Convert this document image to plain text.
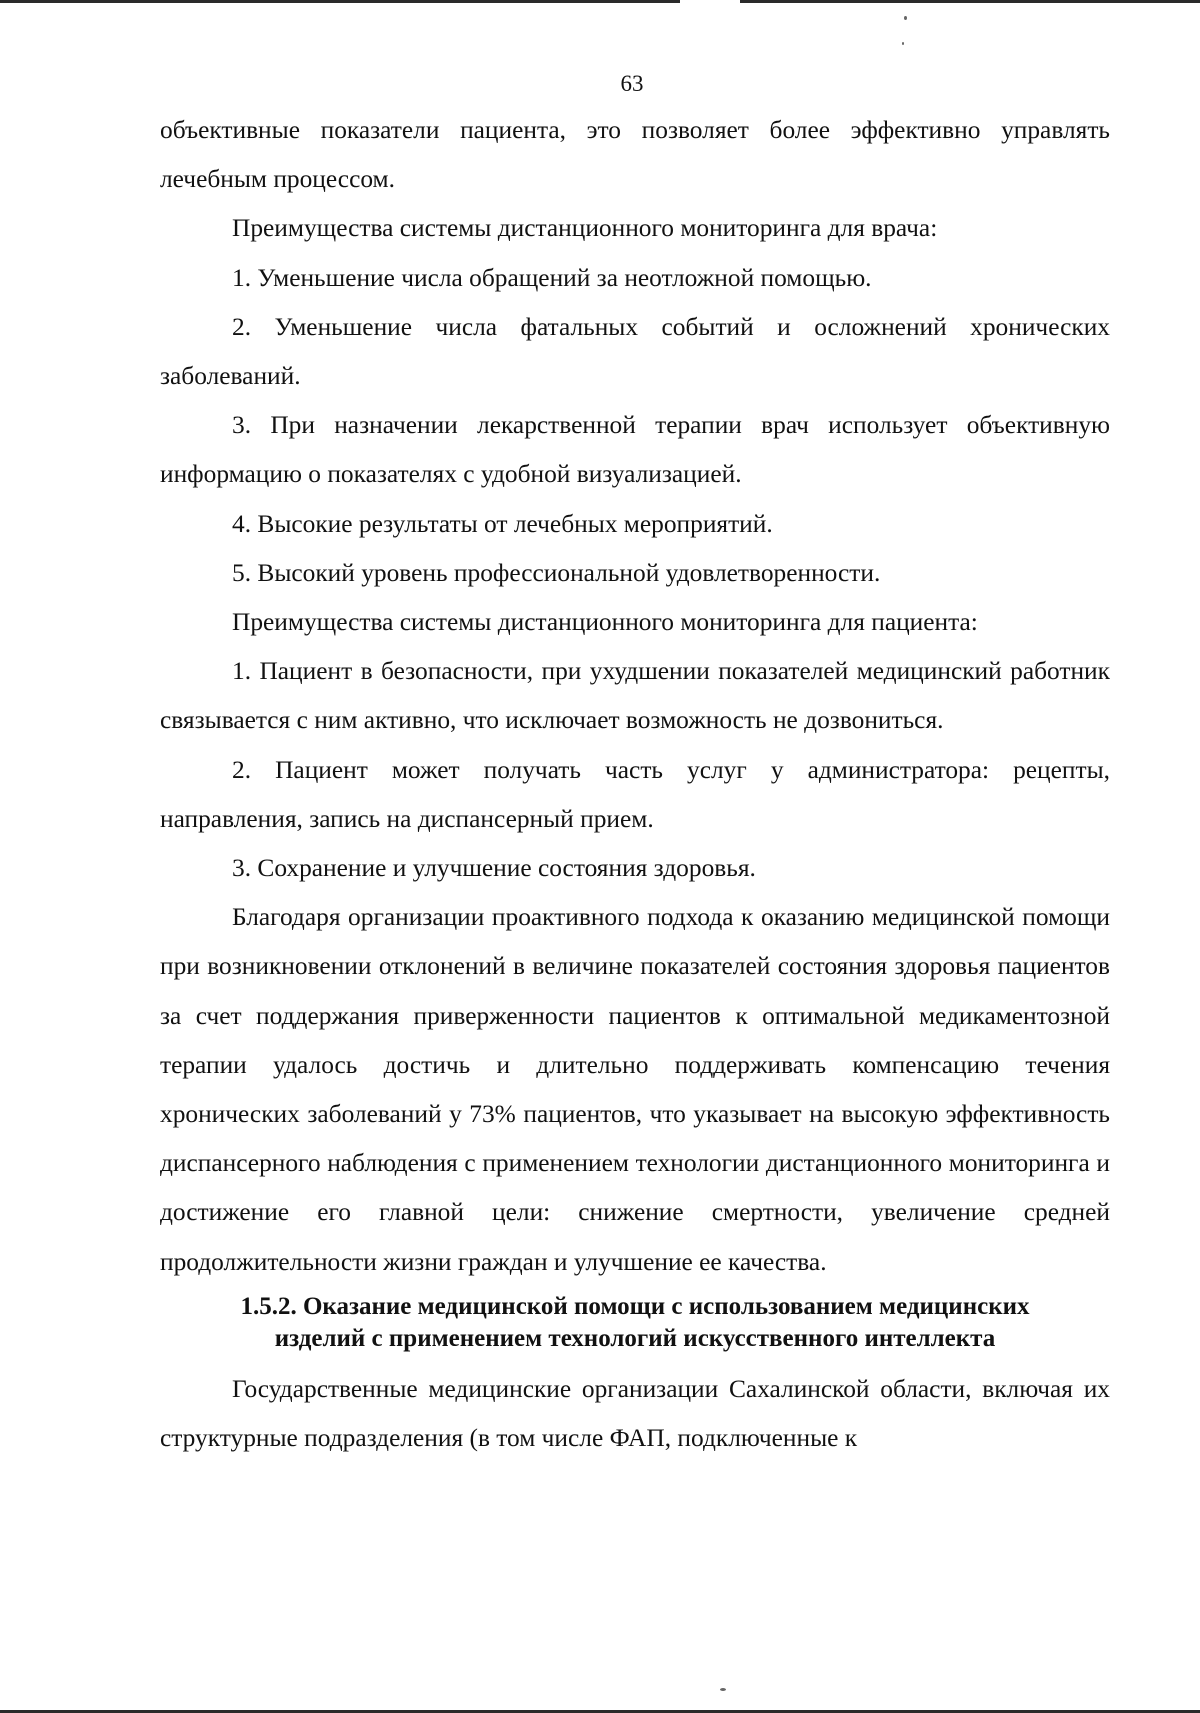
63

объективные показатели пациента, это позволяет более эффективно управлять лечебным процессом.

Преимущества системы дистанционного мониторинга для врача:

1. Уменьшение числа обращений за неотложной помощью.

2. Уменьшение числа фатальных событий и осложнений хронических заболеваний.

3. При назначении лекарственной терапии врач использует объективную информацию о показателях с удобной визуализацией.

4. Высокие результаты от лечебных мероприятий.

5. Высокий уровень профессиональной удовлетворенности.

Преимущества системы дистанционного мониторинга для пациента:

1. Пациент в безопасности, при ухудшении показателей медицинский работник связывается с ним активно, что исключает возможность не дозвониться.

2. Пациент может получать часть услуг у администратора: рецепты, направления, запись на диспансерный прием.

3. Сохранение и улучшение состояния здоровья.

Благодаря организации проактивного подхода к оказанию медицинской помощи при возникновении отклонений в величине показателей состояния здоровья пациентов за счет поддержания приверженности пациентов к оптимальной медикаментозной терапии удалось достичь и длительно поддерживать компенсацию течения хронических заболеваний у 73% пациентов, что указывает на высокую эффективность диспансерного наблюдения с применением технологии дистанционного мониторинга и достижение его главной цели: снижение смертности, увеличение средней продолжительности жизни граждан и улучшение ее качества.

1.5.2. Оказание медицинской помощи с использованием медицинских
изделий с применением технологий искусственного интеллекта

Государственные медицинские организации Сахалинской области, включая их структурные подразделения (в том числе ФАП, подключенные к
